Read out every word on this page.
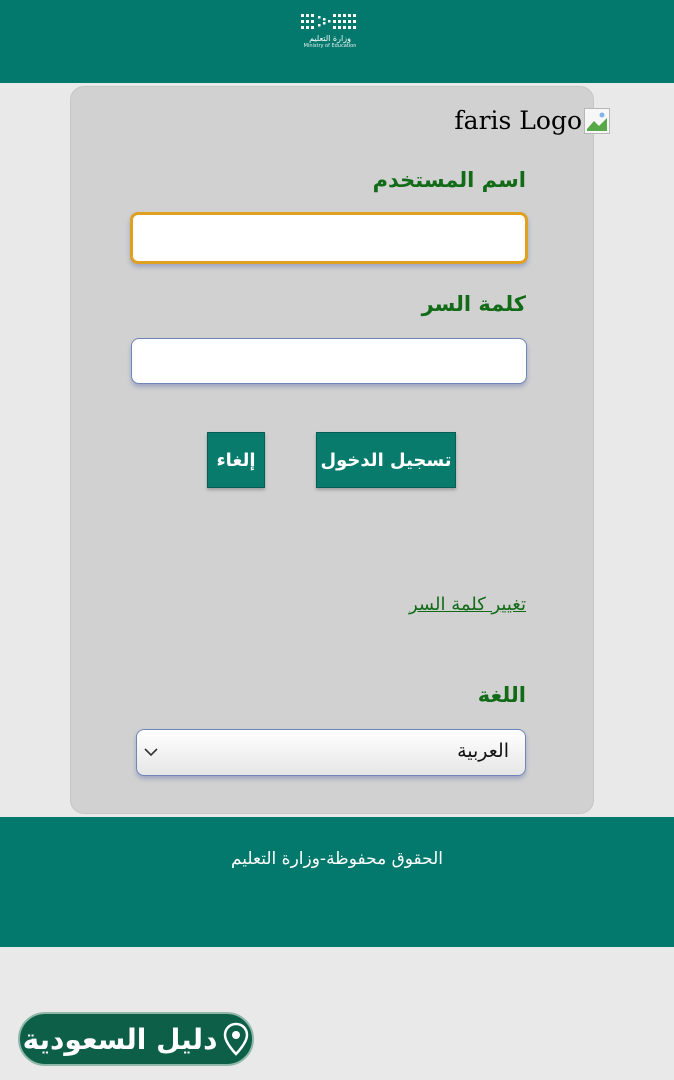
وزارة التعليم
Ministry of Education
faris Logo
اسم المستخدم
كلمة السر
تسجيل الدخول
إلغاء
تغيير كلمة السر
اللغة
العربية
الحقوق محفوظة-وزارة التعليم
دليل السعودية
